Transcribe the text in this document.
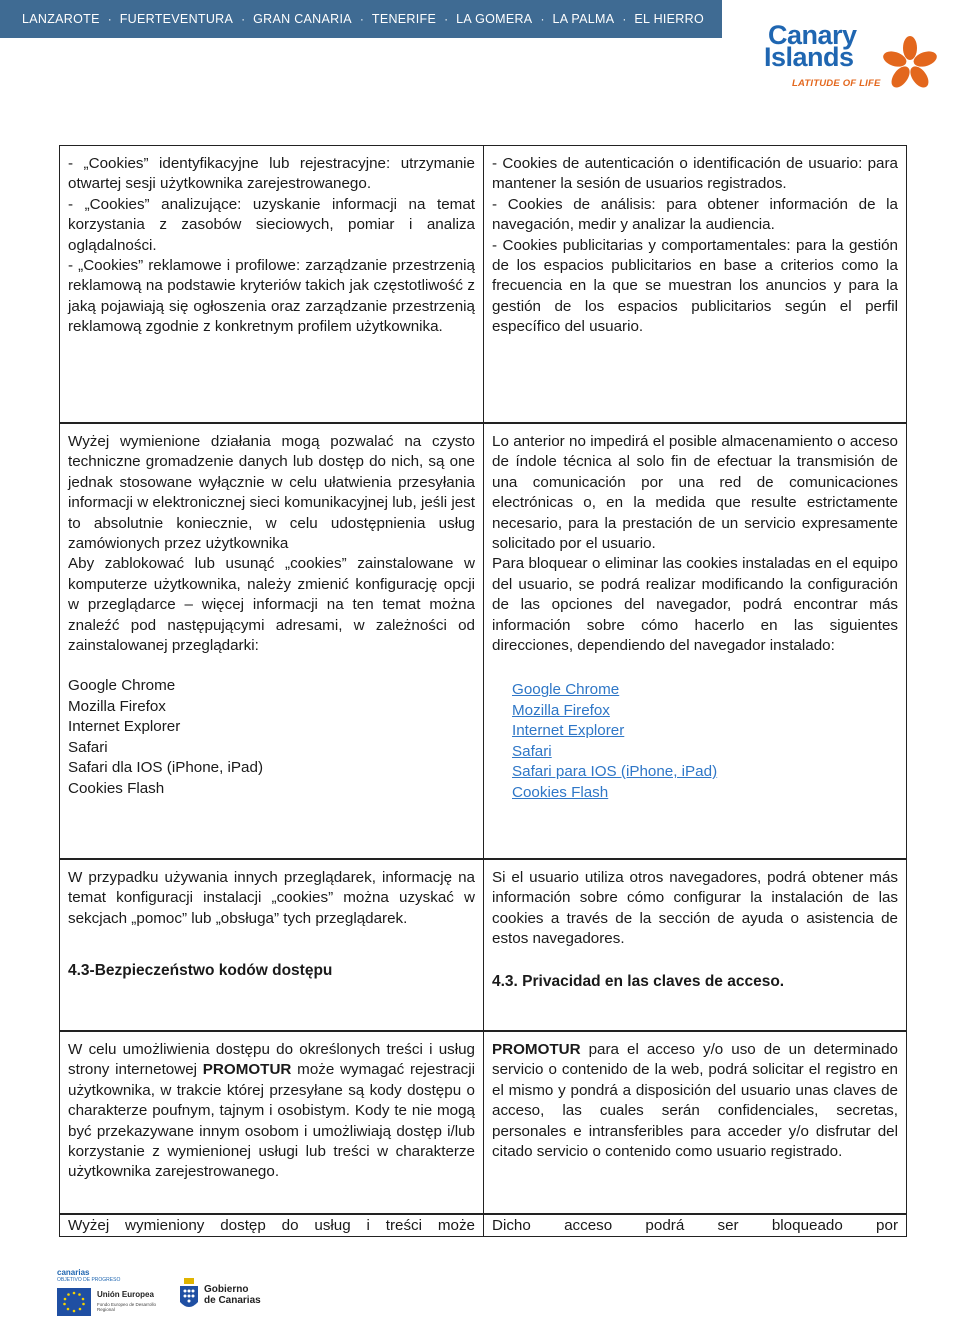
LANZAROTE · FUERTEVENTURA · GRAN CANARIA · TENERIFE · LA GOMERA · LA PALMA · EL HIERRO
Canary
Islands
LATITUDE OF LIFE

- „Cookies” identyfikacyjne lub rejestracyjne: utrzymanie otwartej sesji użytkownika zarejestrowanego.
- „Cookies” analizujące: uzyskanie informacji na temat korzystania z zasobów sieciowych, pomiar i analiza oglądalności.
- „Cookies” reklamowe i profilowe: zarządzanie przestrzenią reklamową na podstawie kryteriów takich jak częstotliwość z jaką pojawiają się ogłoszenia oraz zarządzanie przestrzenią reklamową zgodnie z konkretnym profilem użytkownika.

- Cookies de autenticación o identificación de usuario: para mantener la sesión de usuarios registrados.
- Cookies de análisis: para obtener información de la navegación, medir y analizar la audiencia.
- Cookies publicitarias y comportamentales: para la gestión de los espacios publicitarios en base a criterios como la frecuencia en la que se muestran los anuncios y para la gestión de los espacios publicitarios según el perfil específico del usuario.

Wyżej wymienione działania mogą pozwalać na czysto techniczne gromadzenie danych lub dostęp do nich, są one jednak stosowane wyłącznie w celu ułatwienia przesyłania informacji w elektronicznej sieci komunikacyjnej lub, jeśli jest to absolutnie koniecznie, w celu udostępnienia usług zamówionych przez użytkownika

Aby zablokować lub usunąć „cookies” zainstalowane w komputerze użytkownika, należy zmienić konfigurację opcji w przeglądarce – więcej informacji na ten temat można znaleźć pod następującymi adresami, w zależności od zainstalowanej przeglądarki:

Google Chrome
Mozilla Firefox
Internet Explorer
Safari
Safari dla IOS (iPhone, iPad)
Cookies Flash

Lo anterior no impedirá el posible almacenamiento o acceso de índole técnica al solo fin de efectuar la transmisión de una comunicación por una red de comunicaciones electrónicas o, en la medida que resulte estrictamente necesario, para la prestación de un servicio expresamente solicitado por el usuario.

Para bloquear o eliminar las cookies instaladas en el equipo del usuario, se podrá realizar modificando la configuración de las opciones del navegador, podrá encontrar más información sobre cómo hacerlo en las siguientes direcciones, dependiendo del navegador instalado:

Google Chrome
Mozilla Firefox
Internet Explorer
Safari
Safari para IOS (iPhone, iPad)
Cookies Flash

W przypadku używania innych przeglądarek, informację na temat konfiguracji instalacji „cookies” można uzyskać w sekcjach „pomoc” lub „obsługa” tych przeglądarek.

4.3-Bezpieczeństwo kodów dostępu

Si el usuario utiliza otros navegadores, podrá obtener más información sobre cómo configurar la instalación de las cookies a través de la sección de ayuda o asistencia de estos navegadores.

4.3. Privacidad en las claves de acceso.

W celu umożliwienia dostępu do określonych treści i usług strony internetowej PROMOTUR może wymagać rejestracji użytkownika, w trakcie której przesyłane są kody dostępu o charakterze poufnym, tajnym i osobistym. Kody te nie mogą być przekazywane innym osobom i umożliwiają dostęp i/lub korzystanie z wymienionej usługi lub treści w charakterze użytkownika zarejestrowanego.

PROMOTUR para el acceso y/o uso de un determinado servicio o contenido de la web, podrá solicitar el registro en el mismo y pondrá a disposición del usuario unas claves de acceso, las cuales serán confidenciales, secretas, personales e intransferibles para acceder y/o disfrutar del citado servicio o contenido como usuario registrado.

Wyżej wymieniony dostęp do usług i treści może Dicho acceso podrá ser bloqueado por

canarias
OBJETIVO DE PROGRESO
Unión Europea
Fondo Europeo de Desarrollo Regional
Gobierno
de Canarias
